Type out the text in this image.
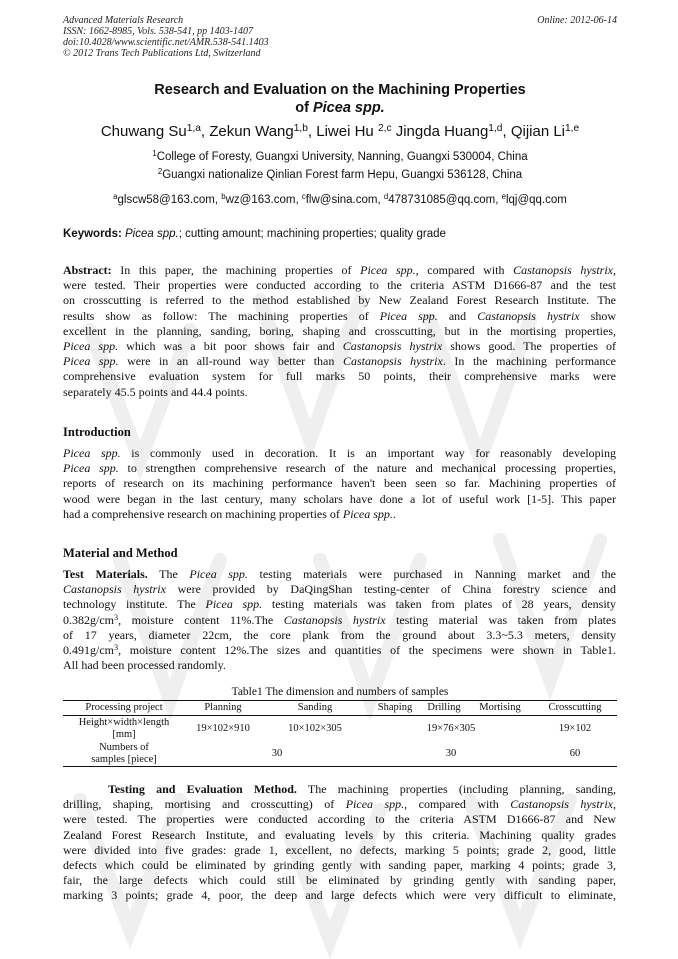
Advanced Materials Research
ISSN: 1662-8985, Vols. 538-541, pp 1403-1407
doi:10.4028/www.scientific.net/AMR.538-541.1403
© 2012 Trans Tech Publications Ltd, Switzerland
Online: 2012-06-14
Research and Evaluation on the Machining Properties
of Picea spp.
Chuwang Su$^{1,a}$, Zekun Wang$^{1,b}$, Liwei Hu $^{2,c}$ Jingda Huang$^{1,d}$, Qijian Li$^{1,e}$
$^1$College of Foresty, Guangxi University, Nanning, Guangxi 530004, China
$^2$Guangxi nationalize Qinlian Forest farm Hepu, Guangxi 536128, China
$^a$glscw58@163.com, $^b$wz@163.com, $^c$flw@sina.com, $^d$478731085@qq.com, $^e$lqj@qq.com
Keywords: Picea spp.; cutting amount; machining properties; quality grade
Abstract: In this paper, the machining properties of Picea spp., compared with Castanopsis hystrix,
were tested. Their properties were conducted according to the criteria ASTM D1666-87 and the test
on crosscutting is referred to the method established by New Zealand Forest Research Institute. The
results show as follow: The machining properties of Picea spp. and Castanopsis hystrix show
excellent in the planning, sanding, boring, shaping and crosscutting, but in the mortising properties,
Picea spp. which was a bit poor shows fair and Castanopsis hystrix shows good. The properties of
Picea spp. were in an all-round way better than Castanopsis hystrix. In the machining performance
comprehensive evaluation system for full marks 50 points, their comprehensive marks were
separately 45.5 points and 44.4 points.
Introduction
Picea spp. is commonly used in decoration. It is an important way for reasonably developing
Picea spp. to strengthen comprehensive research of the nature and mechanical processing properties,
reports of research on its machining performance haven't been seen so far. Machining properties of
wood were began in the last century, many scholars have done a lot of useful work [1-5]. This paper
had a comprehensive research on machining properties of Picea spp..
Material and Method
Test Materials. The Picea spp. testing materials were purchased in Nanning market and the
Castanopsis hystrix were provided by DaQingShan testing-center of China forestry science and
technology institute. The Picea spp. testing materials was taken from plates of 28 years, density
$0.382g/cm^3$, moisture content 11%.The Castanopsis hystrix testing material was taken from plates
of 17 years, diameter 22cm, the core plank from the ground about 3.3~5.3 meters, density
$0.491g/cm^3$, moisture content 12%.The sizes and quantities of the specimens were shown in Table1.
All had been processed randomly.
Table1 The dimension and numbers of samples
Processing project	Planning	Sanding	Shaping	Drilling	Mortising	Crosscutting
Height×width×length
[mm]	19×102×910	10×102×305	19×76×305			19×102
Numbers of
samples [piece]	30		30			60
Testing and Evaluation Method. The machining properties (including planning, sanding,
drilling, shaping, mortising and crosscutting) of Picea spp., compared with Castanopsis hystrix,
were tested. The properties were conducted according to the criteria ASTM D1666-87 and New
Zealand Forest Research Institute, and evaluating levels by this criteria. Machining quality grades
were divided into five grades: grade 1, excellent, no defects, marking 5 points; grade 2, good, little
defects which could be eliminated by grinding gently with sanding paper, marking 4 points; grade 3,
fair, the large defects which could still be eliminated by grinding gently with sanding paper,
marking 3 points; grade 4, poor, the deep and large defects which were very difficult to eliminate,
